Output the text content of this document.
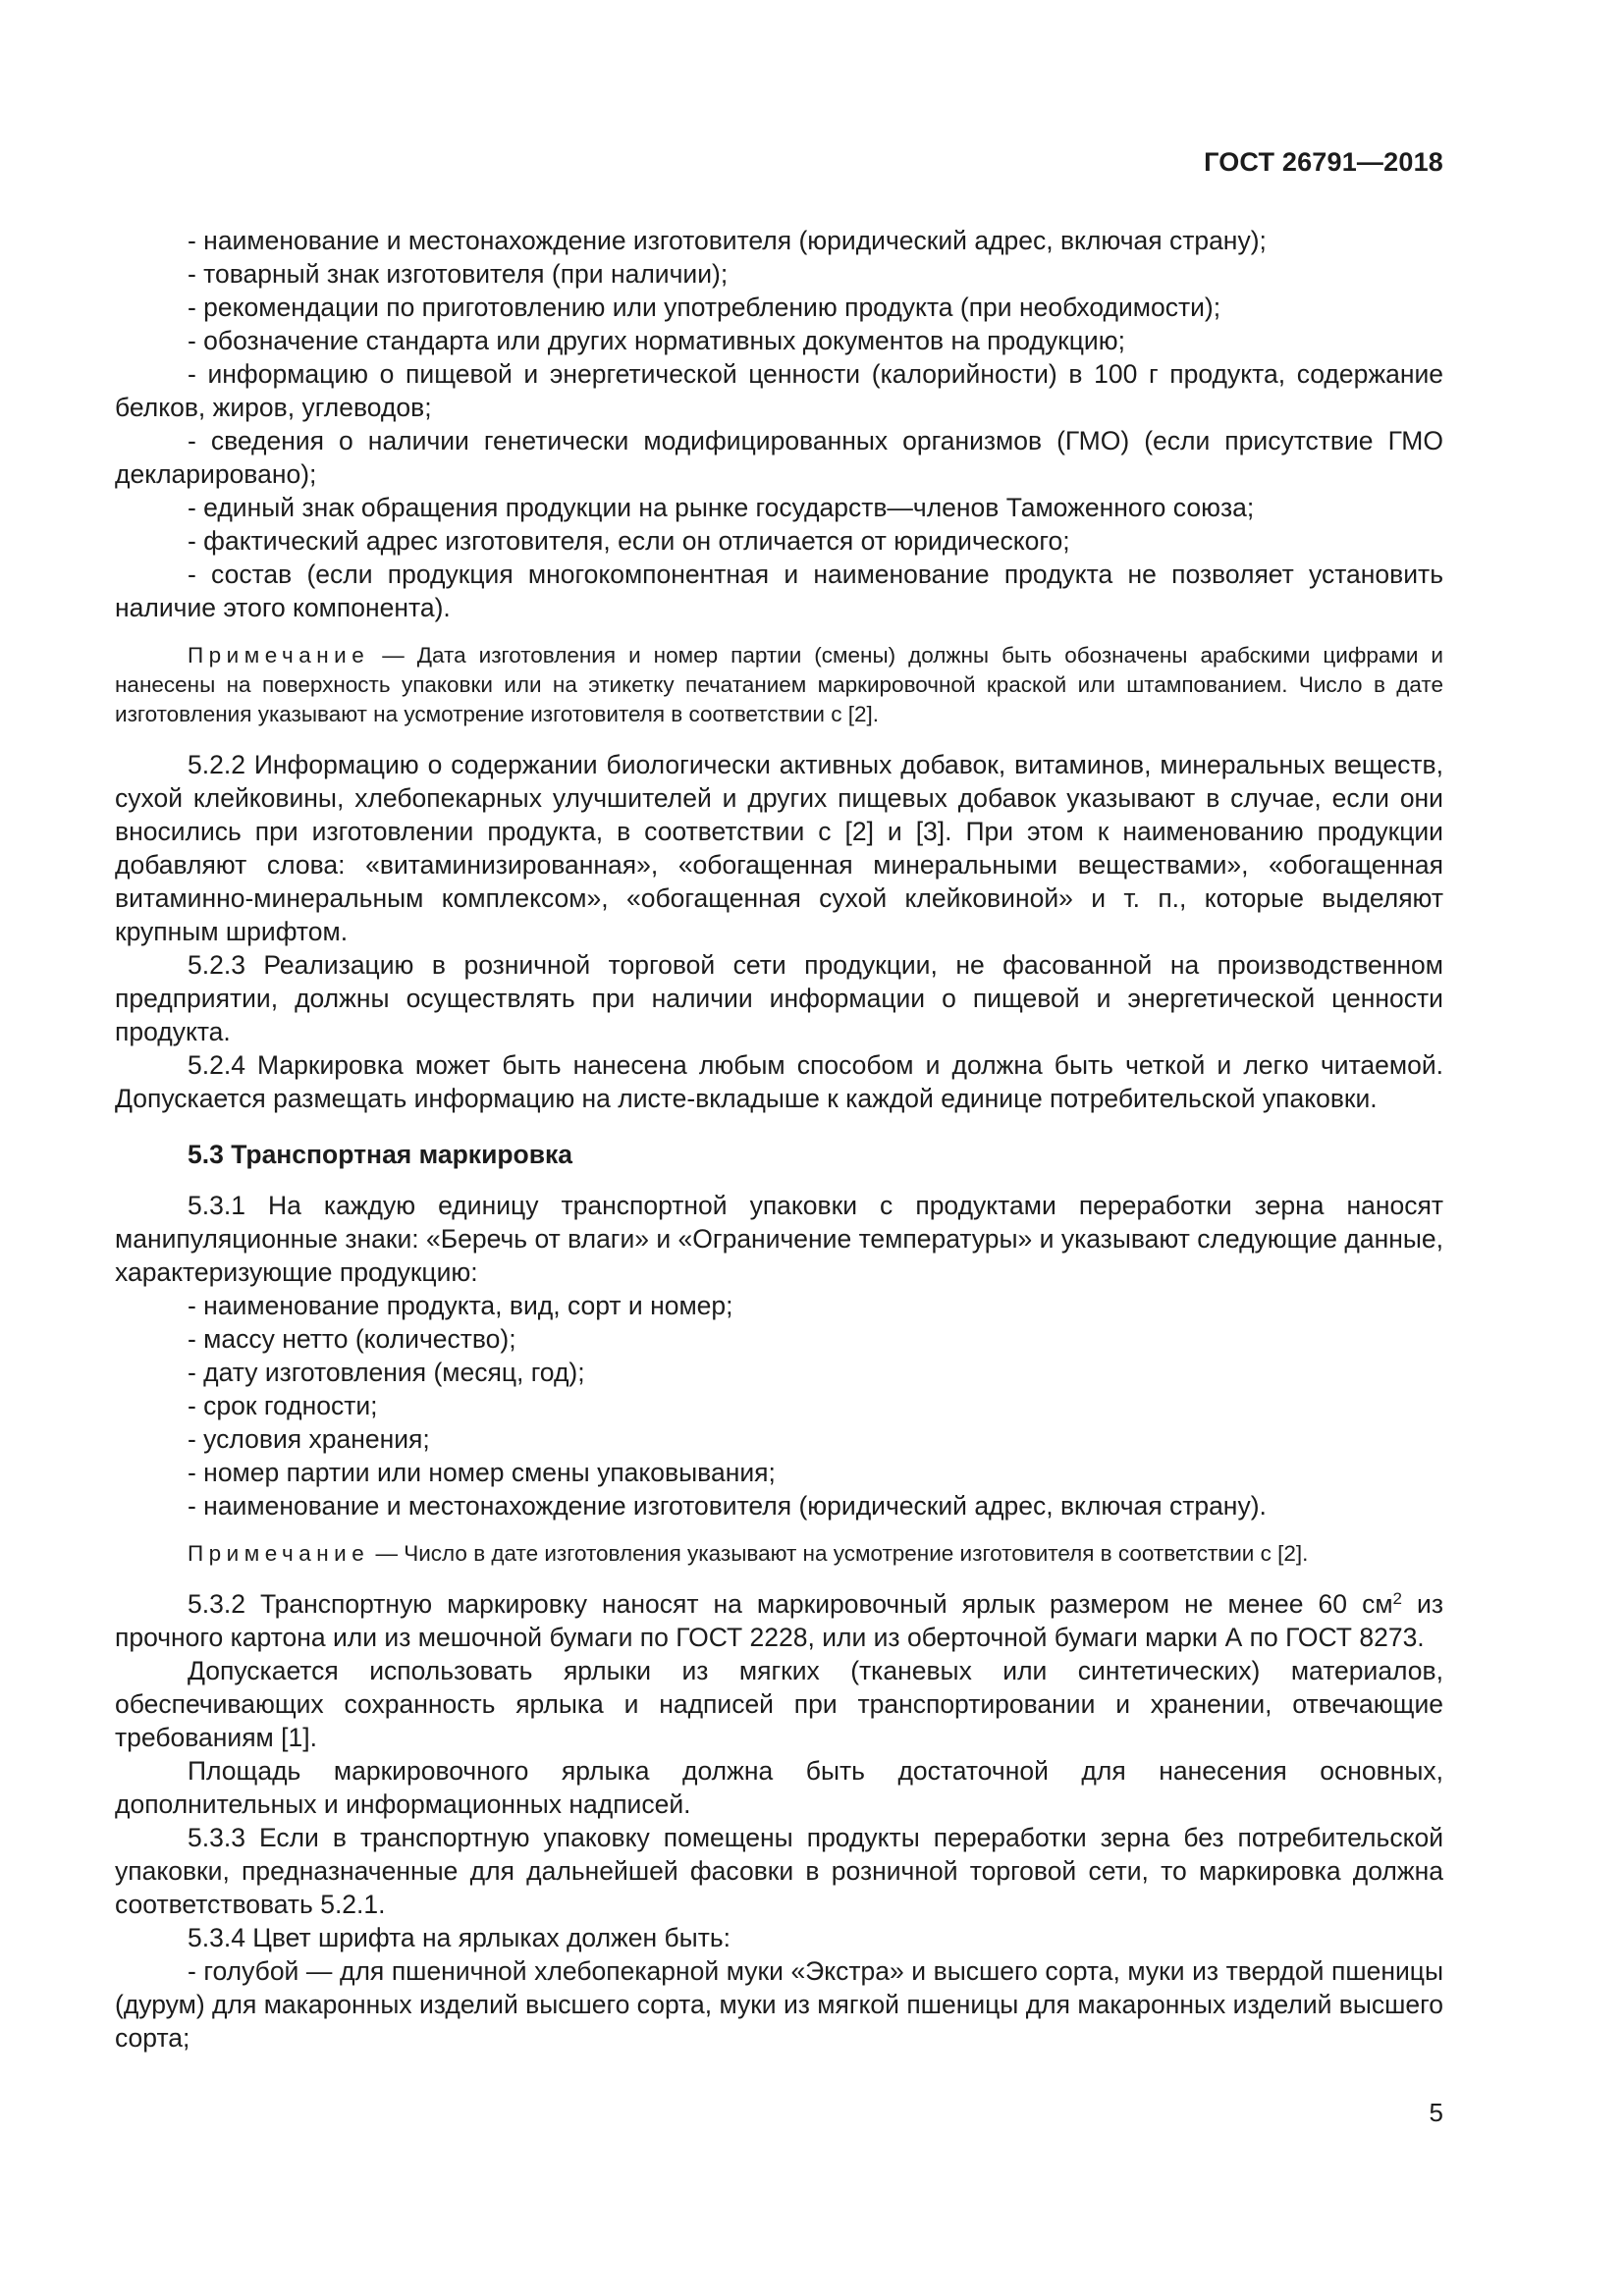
ГОСТ 26791—2018

- наименование и местонахождение изготовителя (юридический адрес, включая страну);

- товарный знак изготовителя (при наличии);

- рекомендации по приготовлению или употреблению продукта (при необходимости);

- обозначение стандарта или других нормативных документов на продукцию;

- информацию о пищевой и энергетической ценности (калорийности) в 100 г продукта, содержание белков, жиров, углеводов;

- сведения о наличии генетически модифицированных организмов (ГМО) (если присутствие ГМО декларировано);

- единый знак обращения продукции на рынке государств—членов Таможенного союза;

- фактический адрес изготовителя, если он отличается от юридического;

- состав (если продукция многокомпонентная и наименование продукта не позволяет установить наличие этого компонента).

Примечание — Дата изготовления и номер партии (смены) должны быть обозначены арабскими цифрами и нанесены на поверхность упаковки или на этикетку печатанием маркировочной краской или штампованием. Число в дате изготовления указывают на усмотрение изготовителя в соответствии с [2].

5.2.2 Информацию о содержании биологически активных добавок, витаминов, минеральных веществ, сухой клейковины, хлебопекарных улучшителей и других пищевых добавок указывают в случае, если они вносились при изготовлении продукта, в соответствии с [2] и [3]. При этом к наименованию продукции добавляют слова: «витаминизированная», «обогащенная минеральными веществами», «обогащенная витаминно-минеральным комплексом», «обогащенная сухой клейковиной» и т. п., которые выделяют крупным шрифтом.

5.2.3 Реализацию в розничной торговой сети продукции, не фасованной на производственном предприятии, должны осуществлять при наличии информации о пищевой и энергетической ценности продукта.

5.2.4 Маркировка может быть нанесена любым способом и должна быть четкой и легко читаемой. Допускается размещать информацию на листе-вкладыше к каждой единице потребительской упаковки.

5.3 Транспортная маркировка

5.3.1 На каждую единицу транспортной упаковки с продуктами переработки зерна наносят манипуляционные знаки: «Беречь от влаги» и «Ограничение температуры» и указывают следующие данные, характеризующие продукцию:

- наименование продукта, вид, сорт и номер;

- массу нетто (количество);

- дату изготовления (месяц, год);

- срок годности;

- условия хранения;

- номер партии или номер смены упаковывания;

- наименование и местонахождение изготовителя (юридический адрес, включая страну).

Примечание — Число в дате изготовления указывают на усмотрение изготовителя в соответствии с [2].

5.3.2 Транспортную маркировку наносят на маркировочный ярлык размером не менее 60 $см^2$ из прочного картона или из мешочной бумаги по ГОСТ 2228, или из оберточной бумаги марки А по ГОСТ 8273.

Допускается использовать ярлыки из мягких (тканевых или синтетических) материалов, обеспечивающих сохранность ярлыка и надписей при транспортировании и хранении, отвечающие требованиям [1].

Площадь маркировочного ярлыка должна быть достаточной для нанесения основных, дополнительных и информационных надписей.

5.3.3 Если в транспортную упаковку помещены продукты переработки зерна без потребительской упаковки, предназначенные для дальнейшей фасовки в розничной торговой сети, то маркировка должна соответствовать 5.2.1.

5.3.4 Цвет шрифта на ярлыках должен быть:

- голубой — для пшеничной хлебопекарной муки «Экстра» и высшего сорта, муки из твердой пшеницы (дурум) для макаронных изделий высшего сорта, муки из мягкой пшеницы для макаронных изделий высшего сорта;

5
